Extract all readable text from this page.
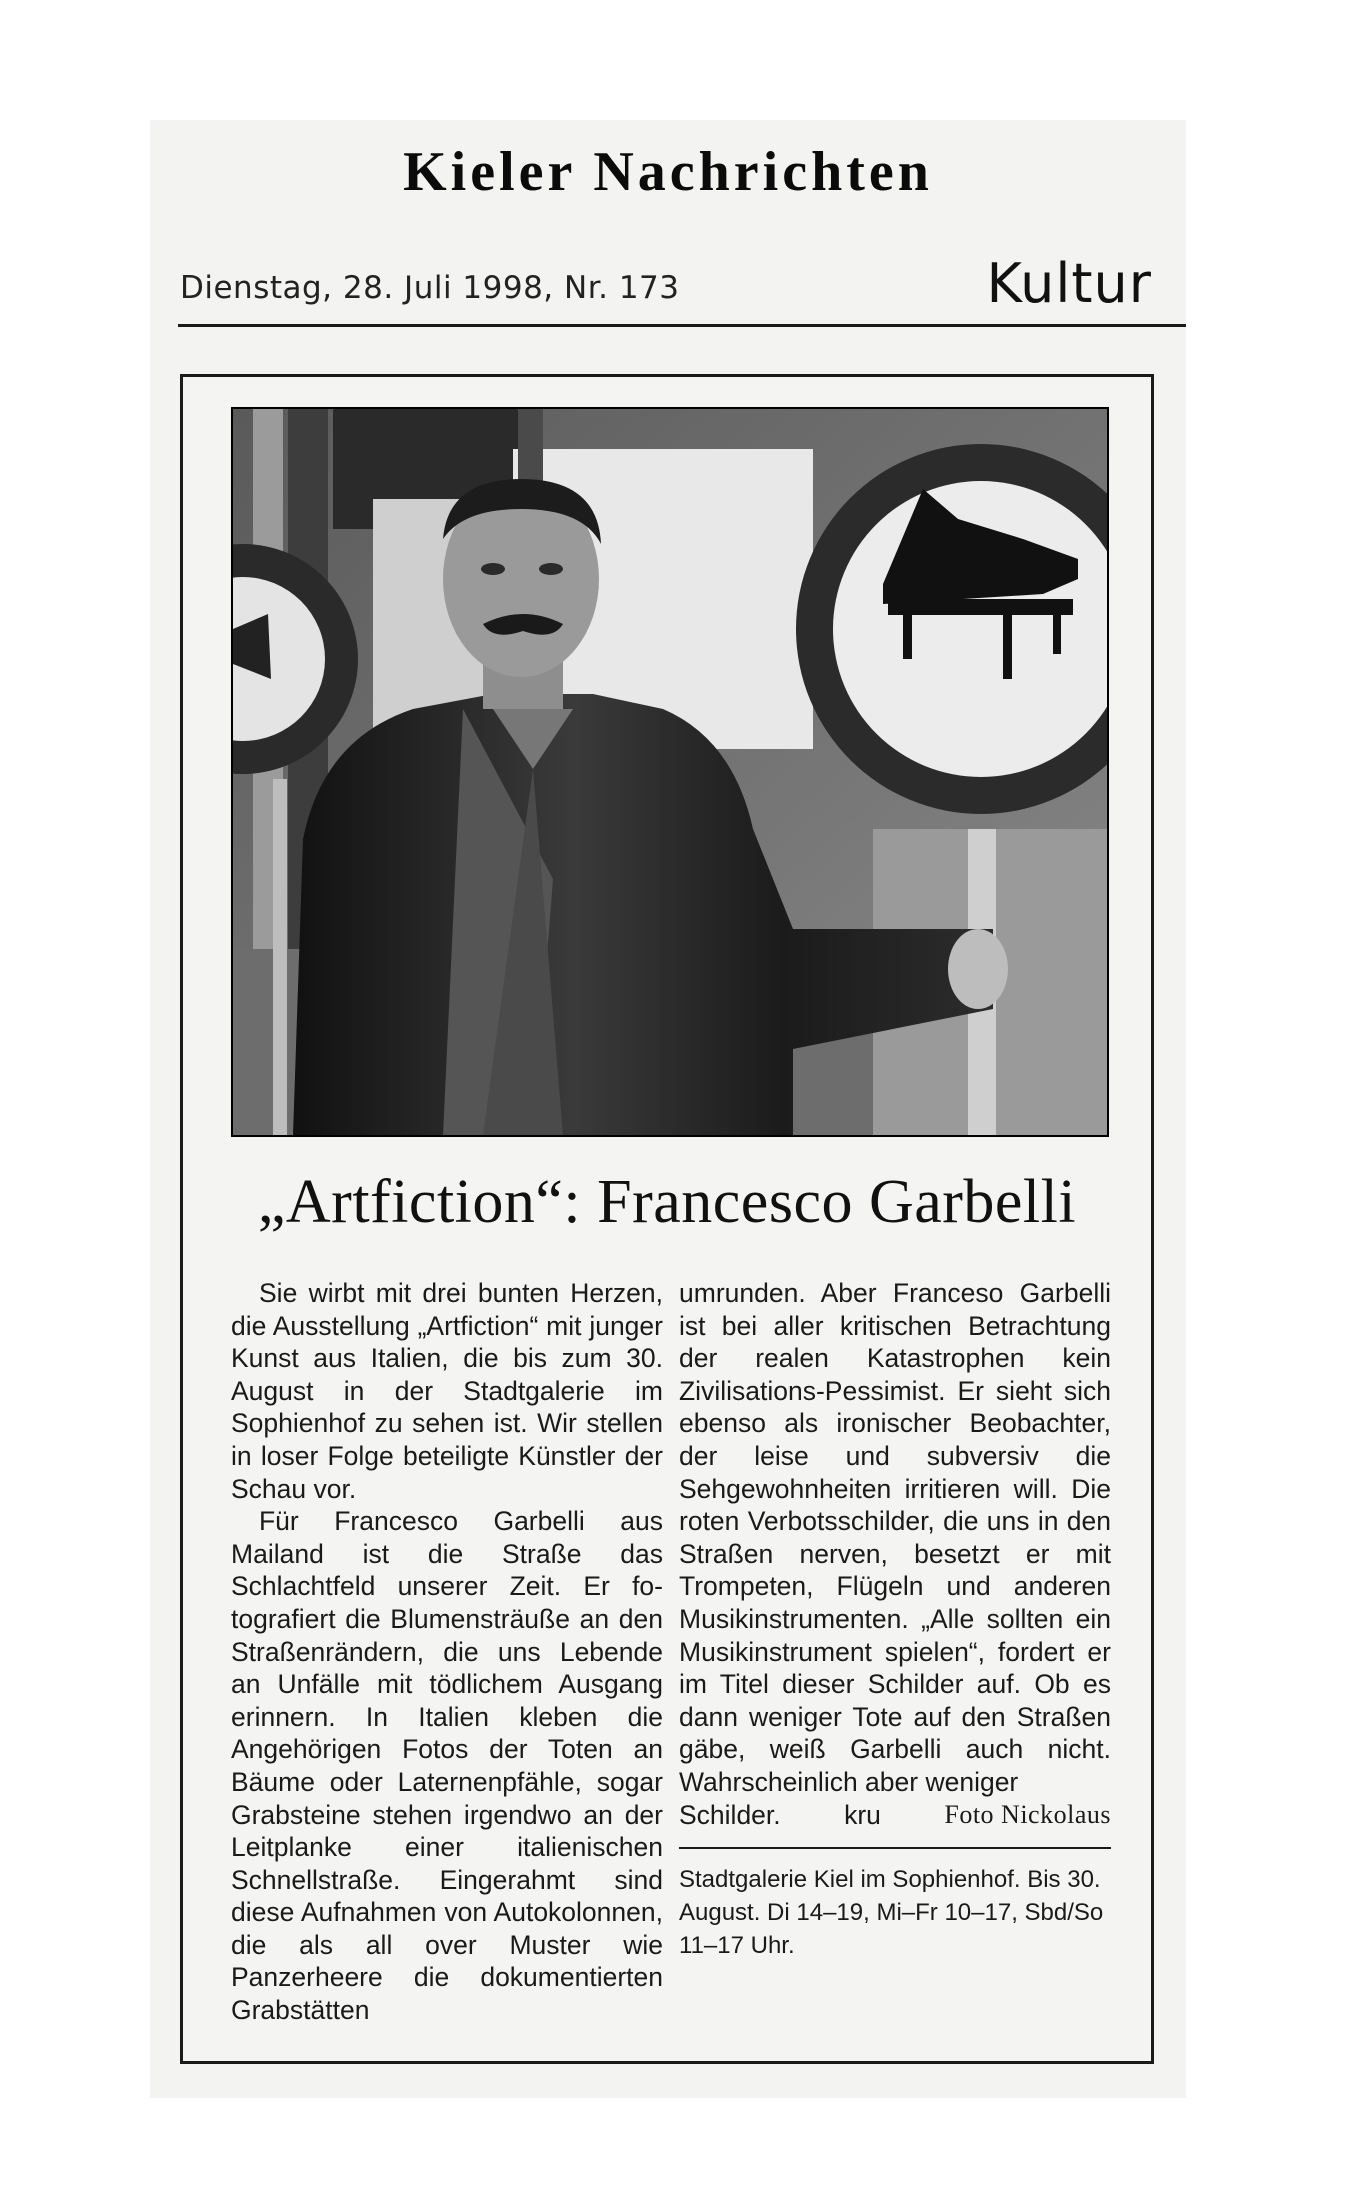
Kieler Nachrichten
Dienstag, 28. Juli 1998, Nr. 173	Kultur
„Artfiction“: Francesco Garbelli

Sie wirbt mit drei bunten Herzen, die Ausstellung „Artfiction“ mit junger Kunst aus Italien, die bis zum 30. August in der Stadtgalerie im Sophienhof zu sehen ist. Wir stellen in loser Folge beteiligte Künstler der Schau vor.

Für Francesco Garbelli aus Mailand ist die Straße das Schlachtfeld unserer Zeit. Er fotografiert die Blumensträuße an den Straßenrändern, die uns Lebende an Unfälle mit tödlichem Ausgang erinnern. In Italien kleben die Angehörigen Fotos der Toten an Bäume oder Laternenpfähle, sogar Grabsteine stehen irgendwo an der Leitplanke einer italienischen Schnellstraße. Eingerahmt sind diese Aufnahmen von Autokolonnen, die als all over Muster wie Panzerheere die dokumentierten Grabstätten

umrunden. Aber Franceso Garbelli ist bei aller kritischen Betrachtung der realen Katastrophen kein Zivilisations-Pessimist. Er sieht sich ebenso als ironischer Beobachter, der leise und subversiv die Sehgewohnheiten irritieren will. Die roten Verbotsschilder, die uns in den Straßen nerven, besetzt er mit Trompeten, Flügeln und anderen Musikinstrumenten. „Alle sollten ein Musikinstrument spielen“, fordert er im Titel dieser Schilder auf. Ob es dann weniger Tote auf den Straßen gäbe, weiß Garbelli auch nicht. Wahrscheinlich aber weniger

Schilder. kru Foto Nickolaus
Stadtgalerie Kiel im Sophienhof. Bis 30. August. Di 14–19, Mi–Fr 10–17, Sbd/So 11–17 Uhr.
